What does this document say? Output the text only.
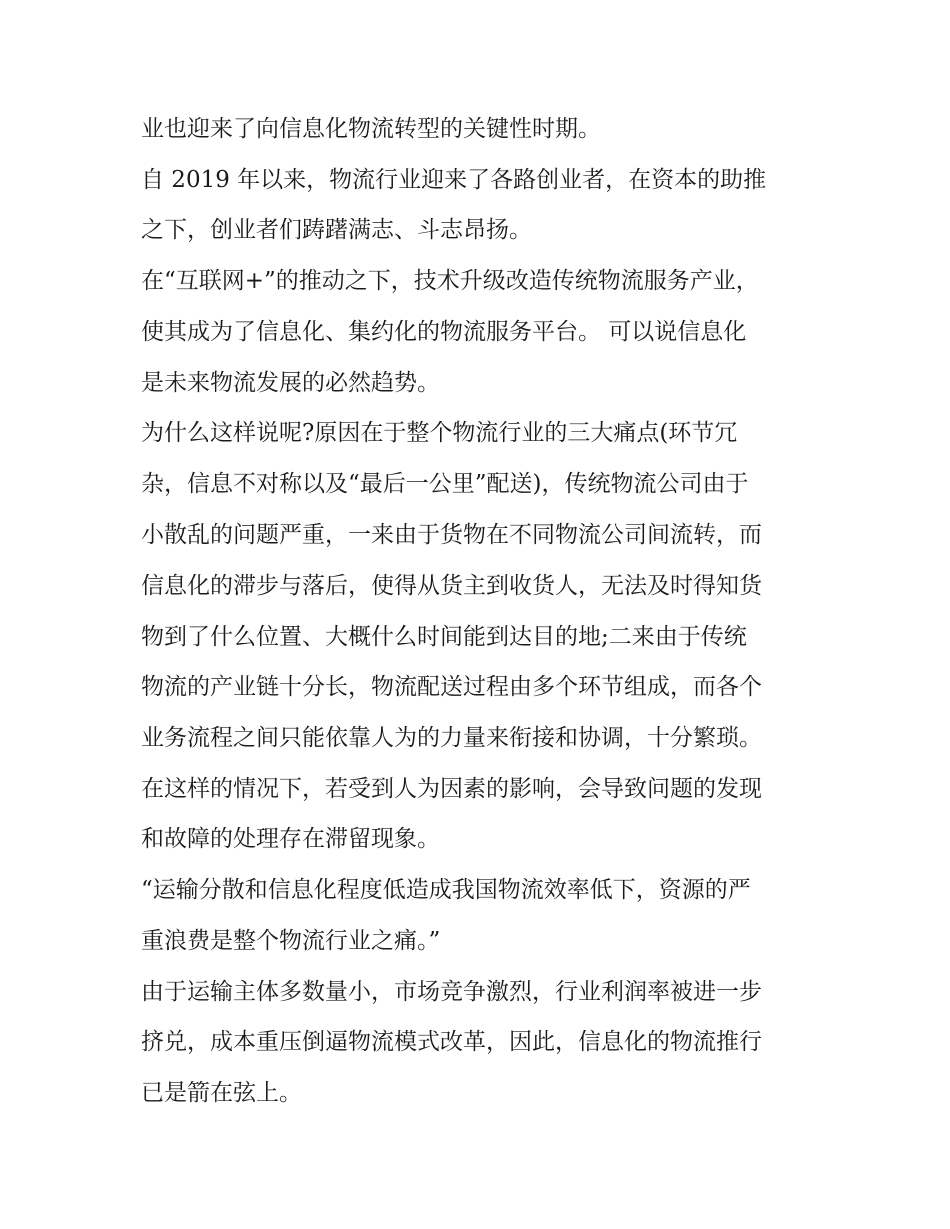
业也迎来了向信息化物流转型的关键性时期。

自 2019 年以来，物流行业迎来了各路创业者，在资本的助推

之下，创业者们踌躇满志、斗志昂扬。

在“互联网+”的推动之下，技术升级改造传统物流服务产业，

使其成为了信息化、集约化的物流服务平台。 可以说信息化

是未来物流发展的必然趋势。

为什么这样说呢?原因在于整个物流行业的三大痛点(环节冗

杂，信息不对称以及“最后一公里”配送)，传统物流公司由于

小散乱的问题严重，一来由于货物在不同物流公司间流转，而

信息化的滞步与落后，使得从货主到收货人，无法及时得知货

物到了什么位置、大概什么时间能到达目的地;二来由于传统

物流的产业链十分长，物流配送过程由多个环节组成，而各个

业务流程之间只能依靠人为的力量来衔接和协调，十分繁琐。

在这样的情况下，若受到人为因素的影响，会导致问题的发现

和故障的处理存在滞留现象。

“运输分散和信息化程度低造成我国物流效率低下，资源的严

重浪费是整个物流行业之痛。”

由于运输主体多数量小，市场竞争激烈，行业利润率被进一步

挤兑，成本重压倒逼物流模式改革，因此，信息化的物流推行

已是箭在弦上。
